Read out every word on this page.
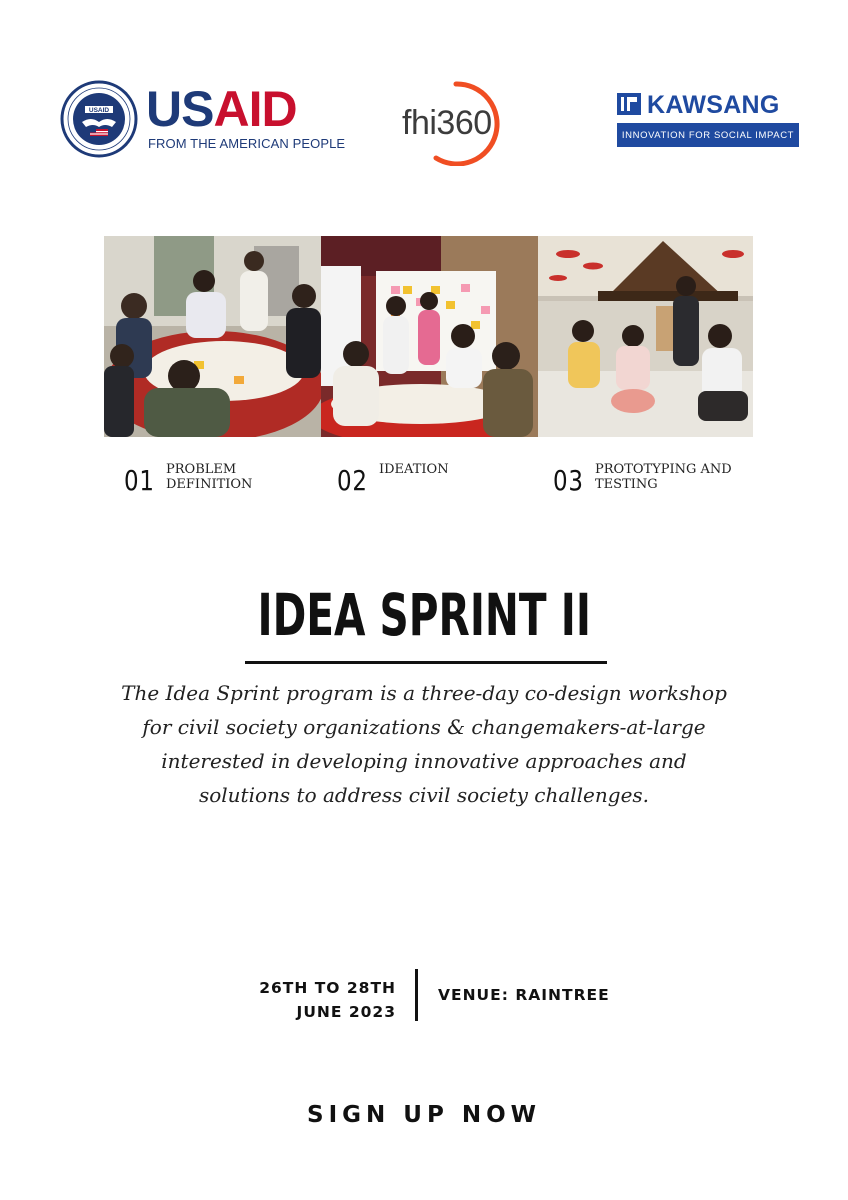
USAID USAID

FROM THE AMERICAN PEOPLE

fhi360	KAWSANG
INNOVATION FOR SOCIAL IMPACT
01 PROBLEM DEFINITION	02 IDEATION	03 PROTOTYPING AND TESTING
IDEA SPRINT II

The Idea Sprint program is a three-day co-design workshop for civil society organizations & changemakers-at-large interested in developing innovative approaches and solutions to address civil society challenges.

26TH TO 28TH
JUNE 2023
VENUE: RAINTREE
SIGN UP NOW
